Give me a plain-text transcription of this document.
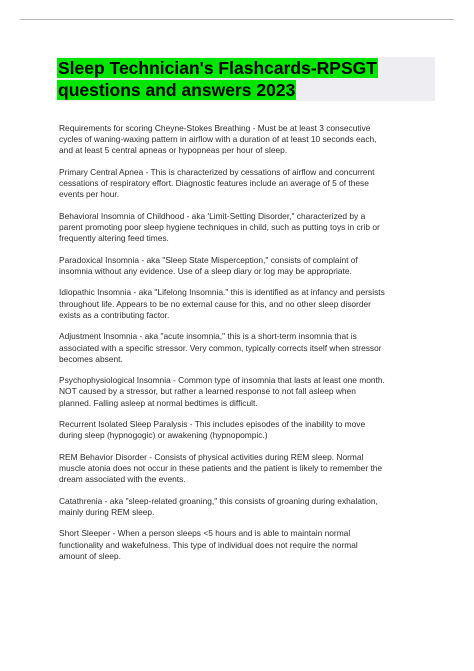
Sleep Technician's Flashcards-RPSGT
questions and answers 2023
Requirements for scoring Cheyne-Stokes Breathing - Must be at least 3 consecutive
cycles of waning-waxing pattern in airflow with a duration of at least 10 seconds each,
and at least 5 central apneas or hypopneas per hour of sleep.
Primary Central Apnea - This is characterized by cessations of airflow and concurrent
cessations of respiratory effort. Diagnostic features include an average of 5 of these
events per hour.
Behavioral Insomnia of Childhood - aka 'Limit-Setting Disorder," characterized by a
parent promoting poor sleep hygiene techniques in child, such as putting toys in crib or
frequently altering feed times.
Paradoxical Insomnia - aka "Sleep State Misperception," consists of complaint of
insomnia without any evidence. Use of a sleep diary or log may be appropriate.
Idiopathic Insomnia - aka "Lifelong Insomnia." this is identified as at infancy and persists
throughout life. Appears to be no external cause for this, and no other sleep disorder
exists as a contributing factor.
Adjustment Insomnia - aka "acute insomnia," this is a short-term insomnia that is
associated with a specific stressor. Very common, typically corrects itself when stressor
becomes absent.
Psychophysiological Insomnia - Common type of insomnia that lasts at least one month.
NOT caused by a stressor, but rather a learned response to not fall asleep when
planned. Falling asleep at normal bedtimes is difficult.
Recurrent Isolated Sleep Paralysis - This includes episodes of the inability to move
during sleep (hypnogogic) or awakening (hypnopompic.)
REM Behavior Disorder - Consists of physical activities during REM sleep. Normal
muscle atonia does not occur in these patients and the patient is likely to remember the
dream associated with the events.
Catathrenia - aka "sleep-related groaning," this consists of groaning during exhalation,
mainly during REM sleep.
Short Sleeper - When a person sleeps <5 hours and is able to maintain normal
functionality and wakefulness. This type of individual does not require the normal
amount of sleep.
